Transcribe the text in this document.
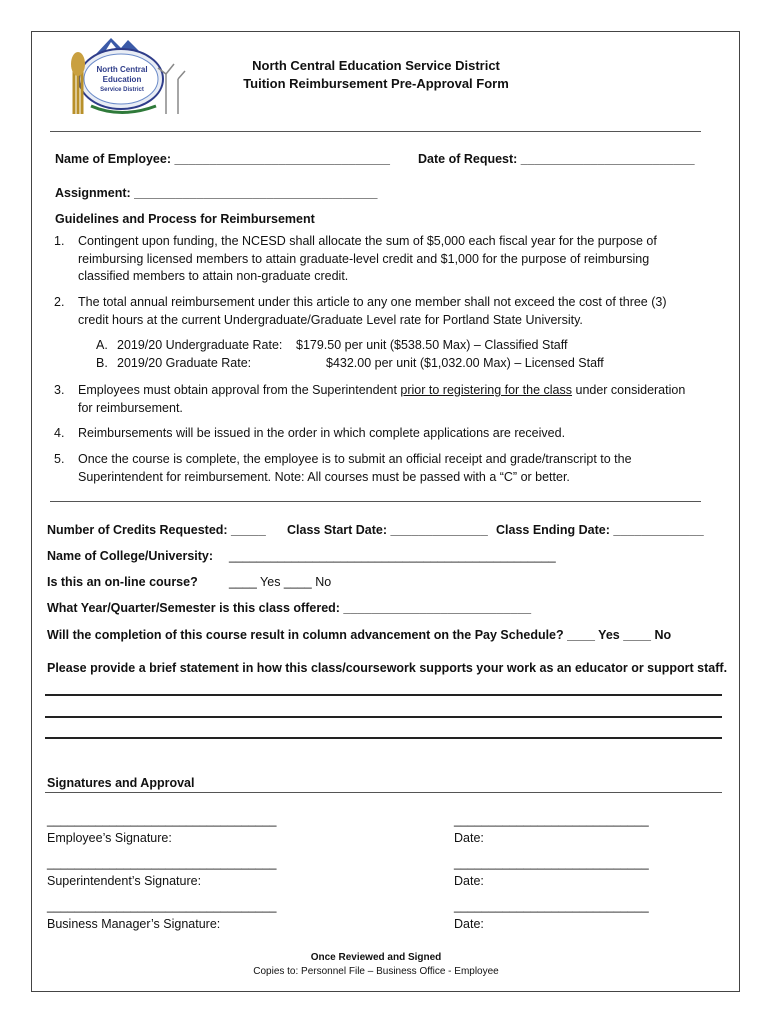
North Central
Education
Service District
North Central Education Service District
Tuition Reimbursement Pre-Approval Form
Name of Employee: _______________________________ Date of Request: _________________________
Assignment: ___________________________________
Guidelines and Process for Reimbursement
1. Contingent upon funding, the NCESD shall allocate the sum of $5,000 each fiscal year for the purpose of reimbursing licensed members to attain graduate-level credit and $1,000 for the purpose of reimbursing classified members to attain non-graduate credit.
2. The total annual reimbursement under this article to any one member shall not exceed the cost of three (3) credit hours at the current Undergraduate/Graduate Level rate for Portland State University.
A. 2019/20 Undergraduate Rate: $179.50 per unit ($538.50 Max) – Classified Staff
B. 2019/20 Graduate Rate:	$432.00 per unit ($1,032.00 Max) – Licensed Staff
3. Employees must obtain approval from the Superintendent prior to registering for the class under consideration for reimbursement.
4. Reimbursements will be issued in the order in which complete applications are received.
5. Once the course is complete, the employee is to submit an official receipt and grade/transcript to the Superintendent for reimbursement. Note: All courses must be passed with a “C” or better.
Number of Credits Requested: _____ Class Start Date: ______________ Class Ending Date: _____________
Name of College/University: _______________________________________________
Is this an on-line course?	____ Yes ____ No
What Year/Quarter/Semester is this class offered: ___________________________
Will the completion of this course result in column advancement on the Pay Schedule? ____ Yes ____ No
Please provide a brief statement in how this class/coursework supports your work as an educator or support staff.
Signatures and Approval
_________________________________	____________________________
Employee’s Signature:	Date:
_________________________________	____________________________
Superintendent’s Signature:	Date:
_________________________________	____________________________
Business Manager’s Signature:	Date:
Once Reviewed and Signed
Copies to: Personnel File – Business Office - Employee
